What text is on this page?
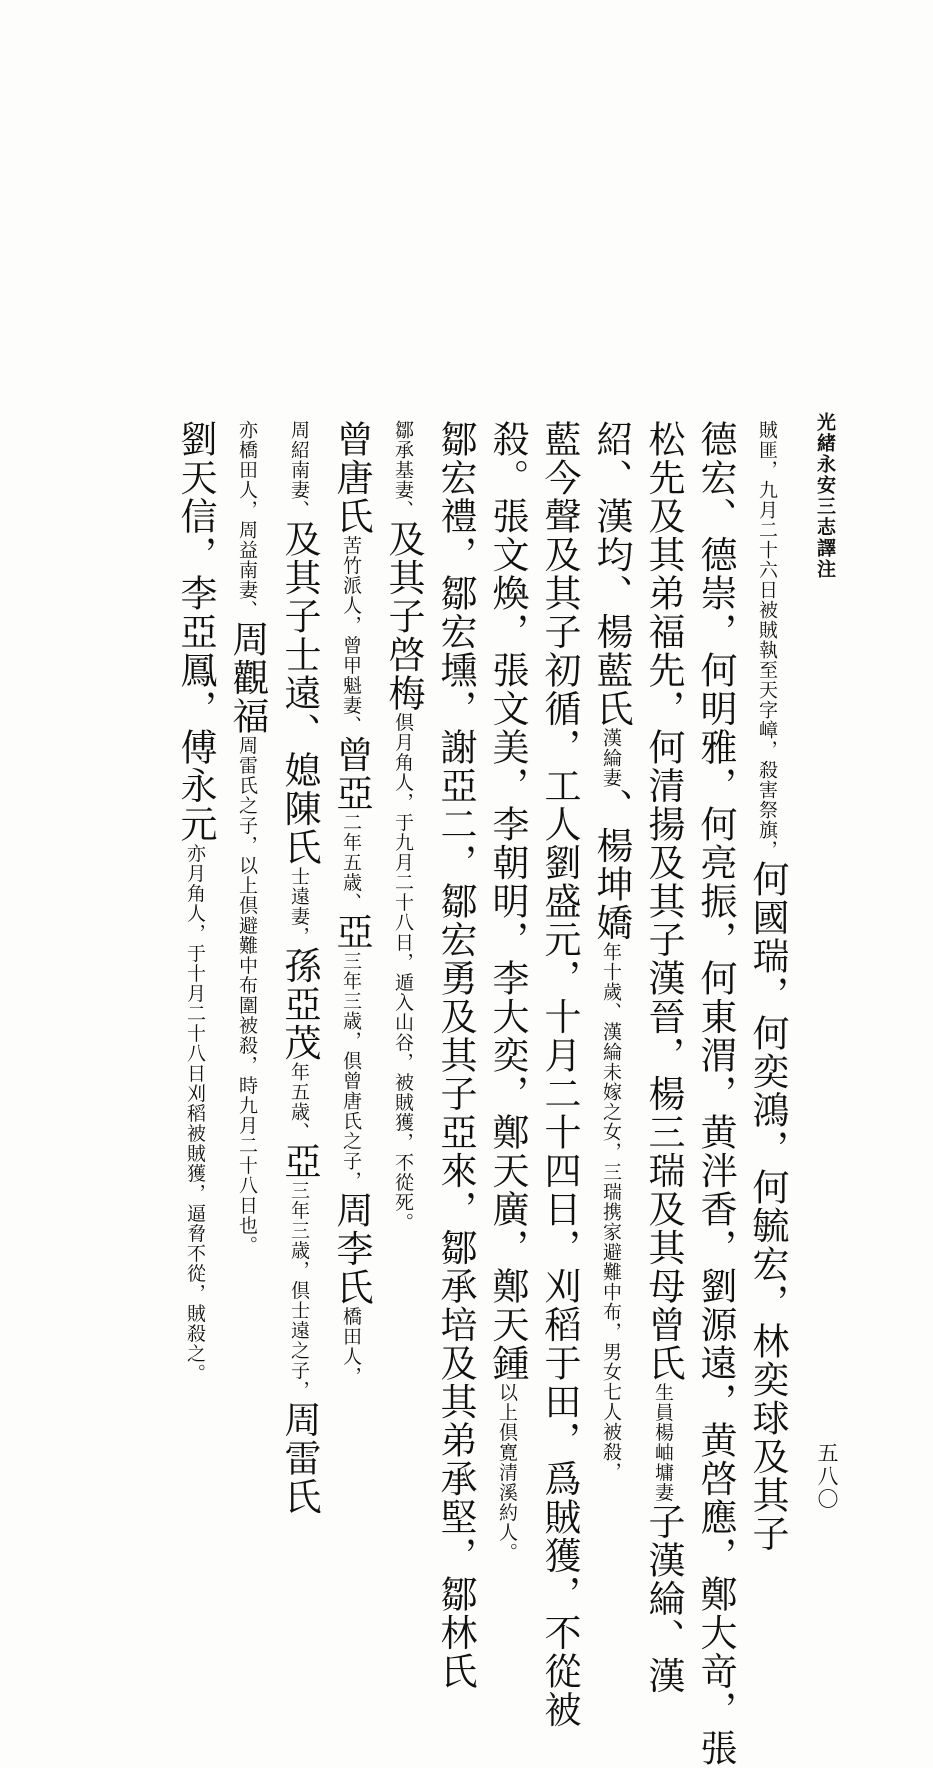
光緒永安三志譯注
五八〇
賊匪，九月二十六日被賊執至天字嶂，殺害祭旗，何國瑞，何奕鴻，何毓宏，林奕球及其子
德宏、德崇，何明雅，何亮振，何東渭，黄泮香，劉源遠，黄啓應，鄭大竒，張
松先及其弟福先，何清揚及其子漢晉，楊三瑞及其母曾氏生員楊岫墉妻子漢綸、漢
紹、漢均、楊藍氏漢綸妻、楊坤嬌年十歲、漢綸未嫁之女，三瑞携家避難中布，男女七人被殺，
藍今聲及其子初循，工人劉盛元，十月二十四日，刈稻于田，爲賊獲，不從被
殺。張文煥，張文美，李朝明，李大奕，鄭天廣，鄭天鍾以上倶寛清溪約人。
鄒宏禮，鄒宏壎，謝亞二，鄒宏勇及其子亞來，鄒承培及其弟承堅，鄒林氏
鄒承基妻、及其子啓梅倶月角人，于九月二十八日，遁入山谷，被賊獲，不從死。
曾唐氏苦竹派人，曾甲魁妻、曾亞二年五歳、亞三年三歳，倶曾唐氏之子，周李氏橋田人，
周紹南妻、及其子士遠、媳陳氏士遠妻，孫亞茂年五歳、亞三年三歳，倶士遠之子，周雷氏
亦橋田人，周益南妻、周觀福周雷氏之子，以上倶避難中布圍被殺，時九月二十八日也。
劉天信，李亞鳳，傅永元亦月角人，于十月二十八日刈稻被賊獲，逼脅不從，賊殺之。
